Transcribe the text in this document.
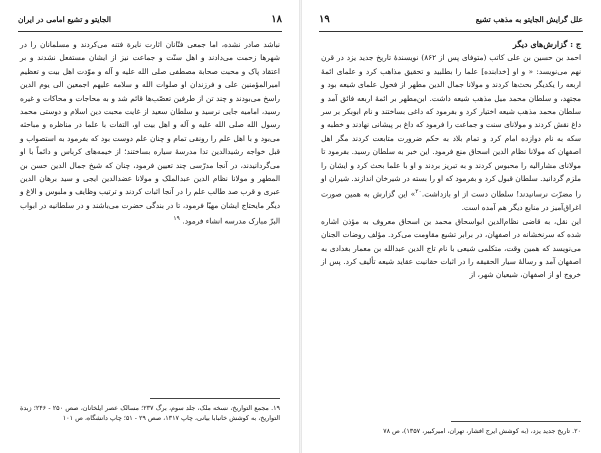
۱۸
الجایتو و تشیع امامی در ایران

نباشد صادر نشده، اما جمعی فتّانان اثارت نایرة فتنه می‌کردند و مسلمانان را در شهرها زحمت می‌دادند و اهل سنّت و جماعت نیز از ایشان مستفعل نشدند و بر اعتقاد پاک و محبت صحابة مصطفی صلی الله علیه و آله و موّدت اهل بیت و تعظیم امیرالمؤمنین علی و فرزندان او صلوات الله و سلامه علیهم اجمعین الی یوم الدین راسخ می‌بودند و چند تن از طرفین تعصّب‌ها قائم شد و به محاجات و محاکات و غیره رسید، امامیه جایی نرسید و سلطان سعید از غایت محبت دین اسلام و دوستی محمد رسول الله صلی الله علیه و آله و اهل بیت او، التفات با علما در مناظره و مباحثه می‌بود و با اهل علم را رونقی تمام و چنان علم دوست بود که بفرمود به استصواب و قبل خواجه رشیدالدین تدا مدرسهٔ سیاره بساختند؛ از خیمه‌های کرباس و دائماً با او می‌گردانیدند، در آنجا مدرّسی چند تعیین فرمود، چنان که شیخ جمال الدین حسن بن المطهر و مولانا نظام الدین عبدالملک و مولانا عضدالدین ایجی و سید برهان الدین عبری و قرب صد طالب علم را در آنجا اثبات کردند و ترتیب وظایف و ملبوس و الاغ و دیگر مایحتاج ایشان مهیّا فرمود، تا در بندگی حضرت می‌باشند و در سلطانیه در ابواب البرّ مبارک مدرسه انشاء فرمود. $^{۱۹}$

۱۹. مجمع التواریخ، نسخه ملک، جلد سوم، برگ ۲۳۷؛ مسالک عصر ایلخانان، صص ۲۵۰ - ۲۴۶؛ زبدة التواریخ، به کوشش خانبابا بیانی، چاپ ۱۳۱۷، صص ۲۹ - ۵۱؛ چاپ دانشگاه، ص ۱۰۱
۱۹	علل گرایش الجایتو به مذهب تشیع

ج : گزارش‌های دیگر

احمد بن حسین بن علی کاتب (متوفای پس از ۸۶۲) نویسندهٔ تاریخ جدید یزد در قرن نهم می‌نویسد: « و او [خدابنده] علما را بطلبید و تحقیق مذاهب کرد و علمای ائمهٔ اربعه را یکدیگر بحث‌ها کردند و مولانا جمال الدین مطهر از فحول علمای شیعه بود و مجتهد، و سلطان محمد میل مذهب شیعه داشت. ابن‌مطهر بر ائمهٔ اربعه فائق آمد و سلطان محمد مذهب شیعه اختیار کرد و بفرمود که داغی بساختند و نام ابوبکر بر سر داغ نقش کردند و مولانای سنت و جماعت را فرمود که داغ بر پیشانی نهادند و خطبه و سکه به نام دوازده امام کرد و تمام بلاد به حکم ضرورت متابعت کردند مگر اهل اصفهان که مولانا نظام الدین اسحاق منع فرمود. این خبر به سلطان رسید. بفرمود تا مولانای مشارالیه را محبوس کردند و به تبریز بردند و او با علما بحث کرد و ایشان را ملزم گردانید. سلطان قبول کرد و بفرمود که او را بسته در شیرخان اندازند. شیران او را مضرّت نرسانیدند! سلطان دست از او بازداشت.$^{۲۰}$» این گزارش به همین صورت اغراق‌آمیز در منابع دیگر هم آمده است.

این نقل، به قاضی نظام‌الدین ابواسحاق محمد بن اسحاق معروف به مؤذن اشاره شده که سرنخشانه در اصفهان، در برابر تشیع مقاومت می‌کرد. مؤلف روضات الجنان می‌نویسد که همین وقت، متکلمی شیعی با نام تاج الدین عبدالله بن معمار بغدادی به اصفهان آمد و رسالهٔ سیار الحقیقه را در اثبات حقانیت عقاید شیعه تألیف کرد. پس از خروج او از اصفهان، شیعیان شهر، از

۲۰. تاریخ جدید یزد، (به کوشش ایرج افشار، تهران، امیرکبیر، ۱۳۵۷)، ص ۷۸
